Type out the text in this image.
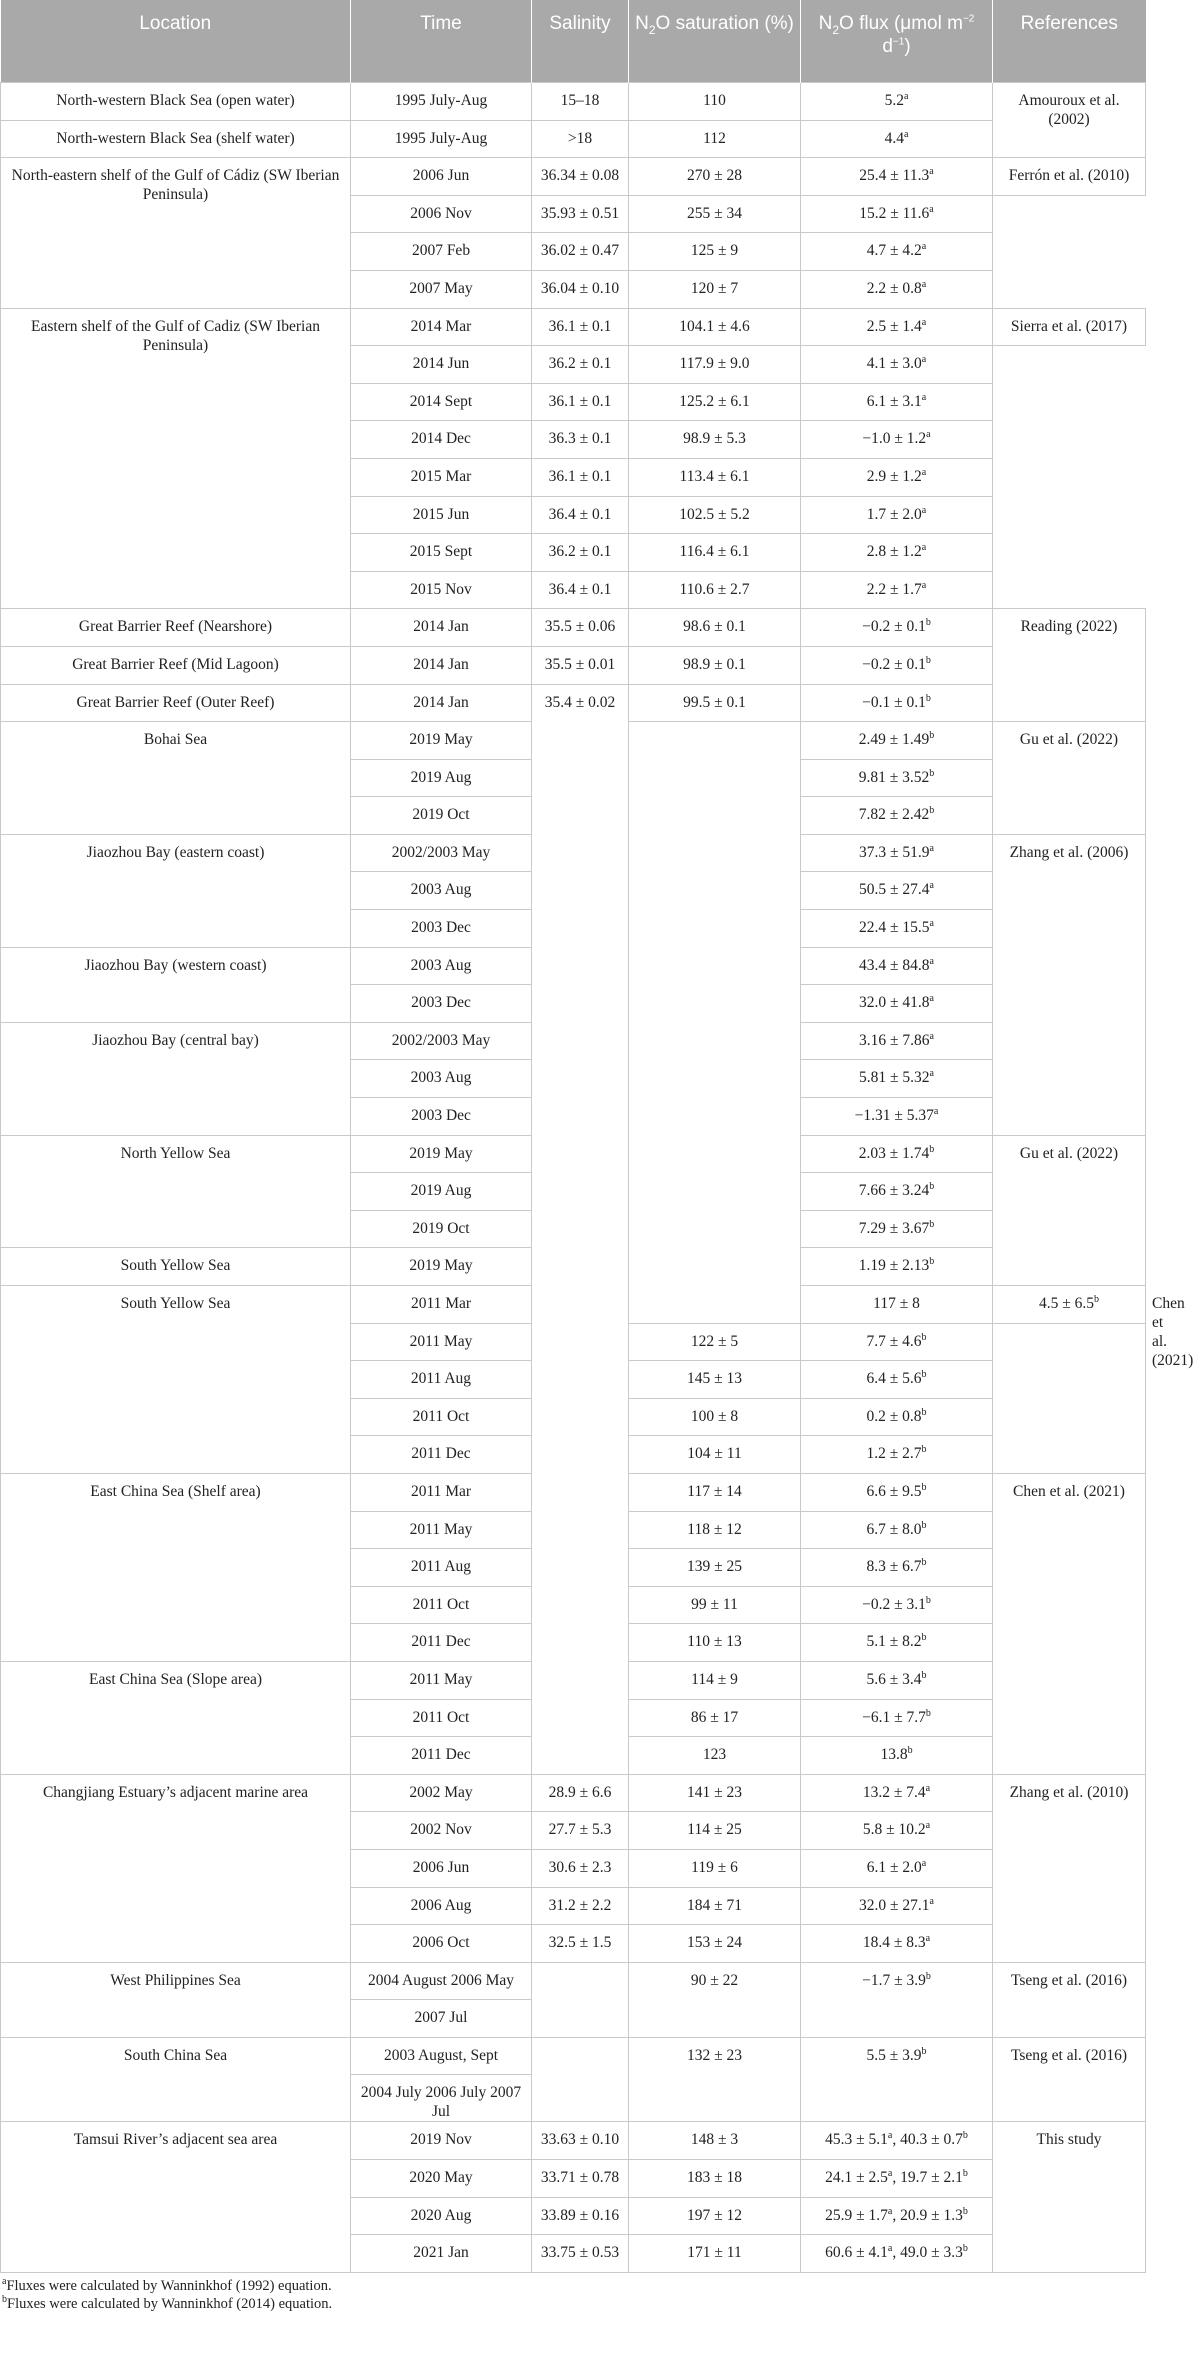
Location	Time	Salinity	$N_2O$ saturation (%)	$N_2O$ flux (μmol $m^{-2}$ $d^{-1}$)	References	
North-western Black Sea (open water)	1995 July-Aug	15–18	110	5.2$^a$	Amouroux et al. (2002)	
North-western Black Sea (shelf water)	1995 July-Aug	>18	112	4.4$^a$
North-eastern shelf of the Gulf of Cádiz (SW Iberian Peninsula)	2006 Jun	36.34 ± 0.08	270 ± 28	25.4 ± 11.3$^a$	Ferrón et al. (2010)	
	2006 Nov	35.93 ± 0.51	255 ± 34	15.2 ± 11.6$^a$
	2007 Feb	36.02 ± 0.47	125 ± 9	4.7 ± 4.2$^a$
	2007 May	36.04 ± 0.10	120 ± 7	2.2 ± 0.8$^a$
Eastern shelf of the Gulf of Cadiz (SW Iberian Peninsula)	2014 Mar	36.1 ± 0.1	104.1 ± 4.6	2.5 ± 1.4$^a$	Sierra et al. (2017)	
	2014 Jun	36.2 ± 0.1	117.9 ± 9.0	4.1 ± 3.0$^a$
	2014 Sept	36.1 ± 0.1	125.2 ± 6.1	6.1 ± 3.1$^a$
	2014 Dec	36.3 ± 0.1	98.9 ± 5.3	−1.0 ± 1.2$^a$
	2015 Mar	36.1 ± 0.1	113.4 ± 6.1	2.9 ± 1.2$^a$
	2015 Jun	36.4 ± 0.1	102.5 ± 5.2	1.7 ± 2.0$^a$
	2015 Sept	36.2 ± 0.1	116.4 ± 6.1	2.8 ± 1.2$^a$
	2015 Nov	36.4 ± 0.1	110.6 ± 2.7	2.2 ± 1.7$^a$
Great Barrier Reef (Nearshore)	2014 Jan	35.5 ± 0.06	98.6 ± 0.1	−0.2 ± 0.1$^b$	Reading (2022)	
Great Barrier Reef (Mid Lagoon)	2014 Jan	35.5 ± 0.01	98.9 ± 0.1	−0.2 ± 0.1$^b$
Great Barrier Reef (Outer Reef)	2014 Jan	35.4 ± 0.02	99.5 ± 0.1	−0.1 ± 0.1$^b$
Bohai Sea	2019 May			2.49 ± 1.49$^b$	Gu et al. (2022)	
	2019 Aug			9.81 ± 3.52$^b$
	2019 Oct			7.82 ± 2.42$^b$
Jiaozhou Bay (eastern coast)	2002/2003 May			37.3 ± 51.9$^a$	Zhang et al. (2006)	
	2003 Aug			50.5 ± 27.4$^a$
	2003 Dec			22.4 ± 15.5$^a$
Jiaozhou Bay (western coast)	2003 Aug			43.4 ± 84.8$^a$
	2003 Dec			32.0 ± 41.8$^a$
Jiaozhou Bay (central bay)	2002/2003 May			3.16 ± 7.86$^a$
	2003 Aug			5.81 ± 5.32$^a$
	2003 Dec			−1.31 ± 5.37$^a$
North Yellow Sea	2019 May			2.03 ± 1.74$^b$	Gu et al. (2022)	
	2019 Aug			7.66 ± 3.24$^b$
	2019 Oct			7.29 ± 3.67$^b$
South Yellow Sea	2019 May			1.19 ± 2.13$^b$
South Yellow Sea	2011 Mar			117 ± 8	4.5 ± 6.5$^b$	Chen et al. (2021)
	2011 May		122 ± 5	7.7 ± 4.6$^b$
	2011 Aug		145 ± 13	6.4 ± 5.6$^b$
	2011 Oct		100 ± 8	0.2 ± 0.8$^b$
	2011 Dec		104 ± 11	1.2 ± 2.7$^b$
East China Sea (Shelf area)	2011 Mar		117 ± 14	6.6 ± 9.5$^b$	Chen et al. (2021)	
	2011 May		118 ± 12	6.7 ± 8.0$^b$
	2011 Aug		139 ± 25	8.3 ± 6.7$^b$
	2011 Oct		99 ± 11	−0.2 ± 3.1$^b$
	2011 Dec		110 ± 13	5.1 ± 8.2$^b$
East China Sea (Slope area)	2011 May		114 ± 9	5.6 ± 3.4$^b$
	2011 Oct		86 ± 17	−6.1 ± 7.7$^b$
	2011 Dec		123	13.8$^b$
Changjiang Estuary’s adjacent marine area	2002 May	28.9 ± 6.6	141 ± 23	13.2 ± 7.4$^a$	Zhang et al. (2010)	
	2002 Nov	27.7 ± 5.3	114 ± 25	5.8 ± 10.2$^a$
	2006 Jun	30.6 ± 2.3	119 ± 6	6.1 ± 2.0$^a$
	2006 Aug	31.2 ± 2.2	184 ± 71	32.0 ± 27.1$^a$
	2006 Oct	32.5 ± 1.5	153 ± 24	18.4 ± 8.3$^a$
West Philippines Sea	2004 August 2006 May		90 ± 22	−1.7 ± 3.9$^b$	Tseng et al. (2016)	
	2007 Jul					
South China Sea	2003 August, Sept		132 ± 23	5.5 ± 3.9$^b$	Tseng et al. (2016)	
	2004 July 2006 July 2007 Jul					
Tamsui River’s adjacent sea area	2019 Nov	33.63 ± 0.10	148 ± 3	45.3 ± 5.1$^a$, 40.3 ± 0.7$^b$	This study	
	2020 May	33.71 ± 0.78	183 ± 18	24.1 ± 2.5$^a$, 19.7 ± 2.1$^b$
	2020 Aug	33.89 ± 0.16	197 ± 12	25.9 ± 1.7$^a$, 20.9 ± 1.3$^b$
	2021 Jan	33.75 ± 0.53	171 ± 11	60.6 ± 4.1$^a$, 49.0 ± 3.3$^b$
$^a$Fluxes were calculated by Wanninkhof (1992) equation.
$^b$Fluxes were calculated by Wanninkhof (2014) equation.
